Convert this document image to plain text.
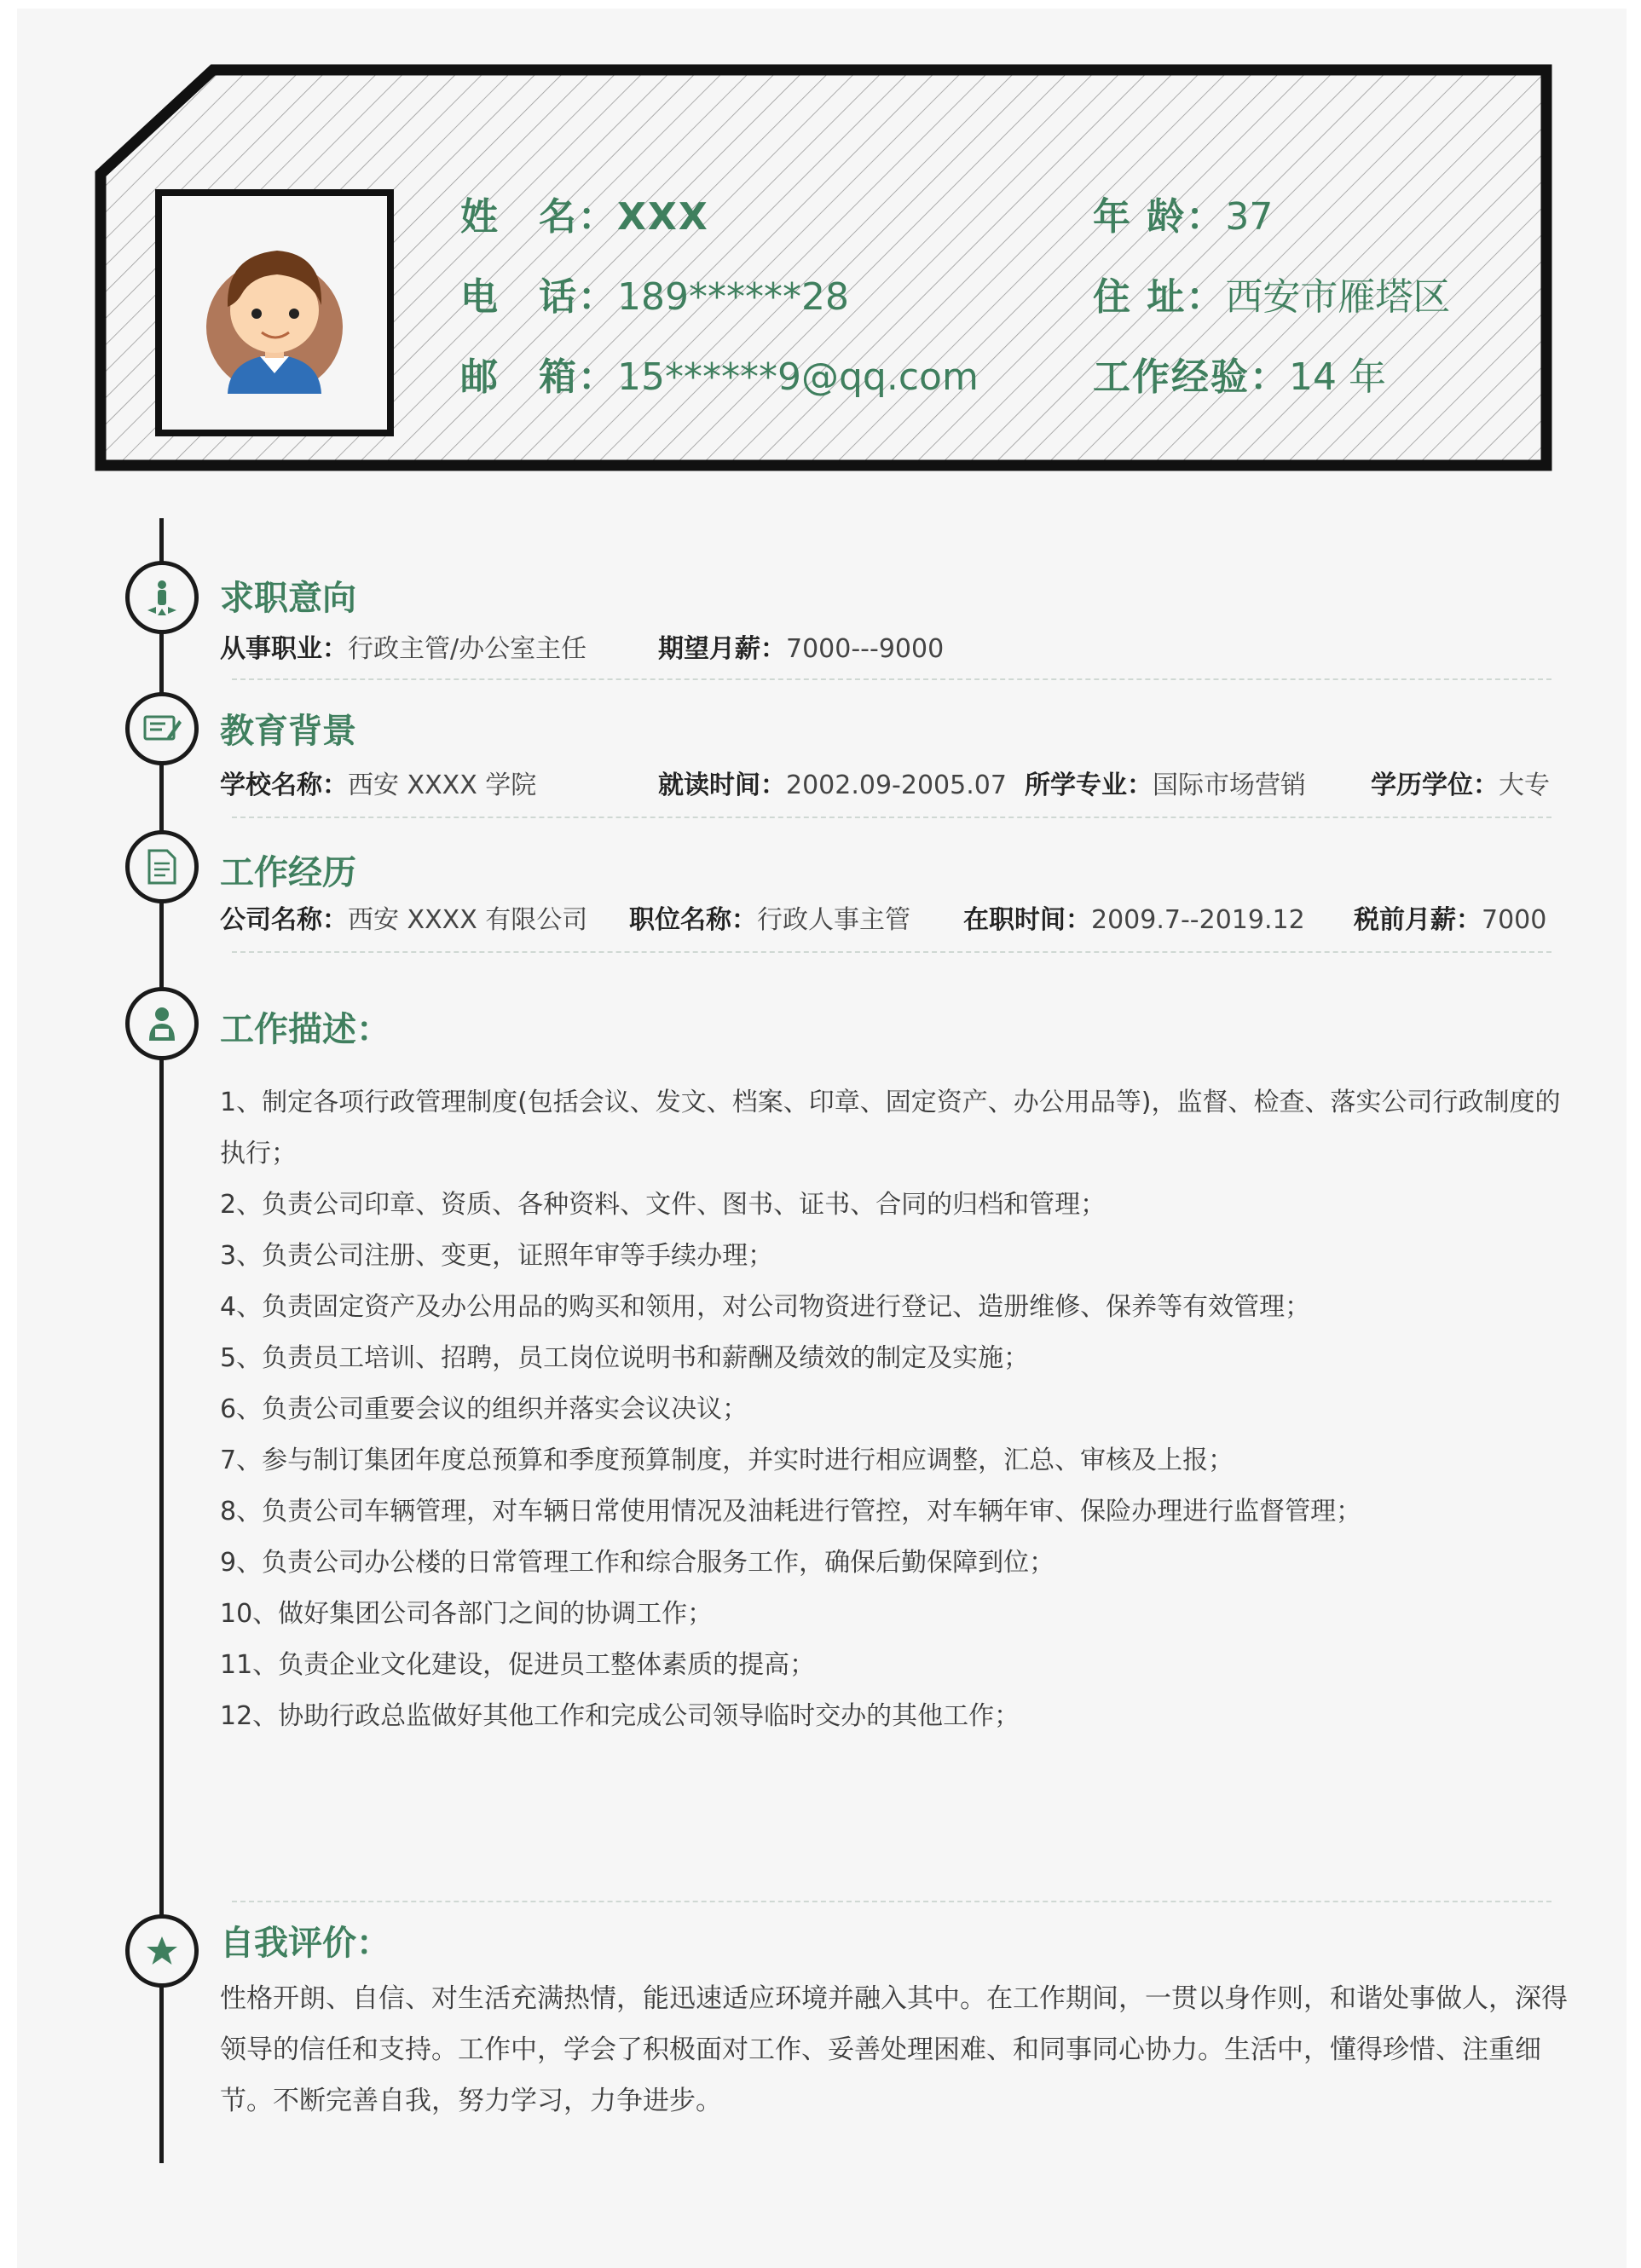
姓　名：XXX	年 龄：37
电　话：189******28	住 址：西安市雁塔区
邮　箱：15******9@qq.com	工作经验：14 年
求职意向
从事职业：行政主管/办公室主任	期望月薪：7000---9000
教育背景
学校名称：西安 XXXX 学院	就读时间：2002.09-2005.07 所学专业：国际市场营销	学历学位：大专
工作经历
公司名称：西安 XXXX 有限公司 职位名称：行政人事主管 在职时间：2009.7--2019.12 税前月薪：7000
工作描述：

1、制定各项行政管理制度(包括会议、发文、档案、印章、固定资产、办公用品等)，监督、检查、落实公司行政制度的执行；

2、负责公司印章、资质、各种资料、文件、图书、证书、合同的归档和管理；

3、负责公司注册、变更，证照年审等手续办理；

4、负责固定资产及办公用品的购买和领用，对公司物资进行登记、造册维修、保养等有效管理；

5、负责员工培训、招聘，员工岗位说明书和薪酬及绩效的制定及实施；

6、负责公司重要会议的组织并落实会议决议；

7、参与制订集团年度总预算和季度预算制度，并实时进行相应调整，汇总、审核及上报；

8、负责公司车辆管理，对车辆日常使用情况及油耗进行管控，对车辆年审、保险办理进行监督管理；

9、负责公司办公楼的日常管理工作和综合服务工作，确保后勤保障到位；

10、做好集团公司各部门之间的协调工作；

11、负责企业文化建设，促进员工整体素质的提高；

12、协助行政总监做好其他工作和完成公司领导临时交办的其他工作；

自我评价：
性格开朗、自信、对生活充满热情，能迅速适应环境并融入其中。在工作期间，一贯以身作则，和谐处事做人，深得领导的信任和支持。工作中，学会了积极面对工作、妥善处理困难、和同事同心协力。生活中，懂得珍惜、注重细节。不断完善自我，努力学习，力争进步。
